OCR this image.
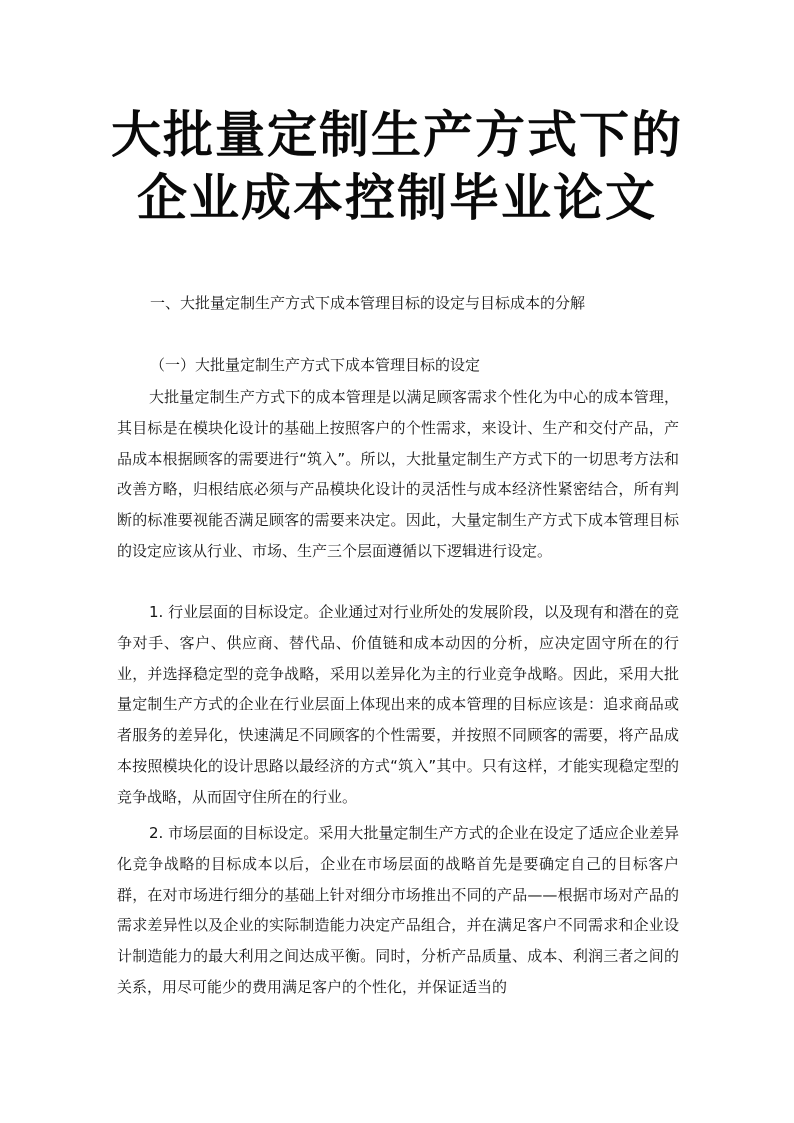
大批量定制生产方式下的
企业成本控制毕业论文
一、大批量定制生产方式下成本管理目标的设定与目标成本的分解
（一）大批量定制生产方式下成本管理目标的设定

大批量定制生产方式下的成本管理是以满足顾客需求个性化为中心的成本管理，其目标是在模块化设计的基础上按照客户的个性需求，来设计、生产和交付产品，产品成本根据顾客的需要进行“筑入”。所以，大批量定制生产方式下的一切思考方法和改善方略，归根结底必须与产品模块化设计的灵活性与成本经济性紧密结合，所有判断的标准要视能否满足顾客的需要来决定。因此，大量定制生产方式下成本管理目标的设定应该从行业、市场、生产三个层面遵循以下逻辑进行设定。

1. 行业层面的目标设定。企业通过对行业所处的发展阶段，以及现有和潜在的竞争对手、客户、供应商、替代品、价值链和成本动因的分析，应决定固守所在的行业，并选择稳定型的竞争战略，采用以差异化为主的行业竞争战略。因此，采用大批量定制生产方式的企业在行业层面上体现出来的成本管理的目标应该是：追求商品或者服务的差异化，快速满足不同顾客的个性需要，并按照不同顾客的需要，将产品成本按照模块化的设计思路以最经济的方式“筑入”其中。只有这样，才能实现稳定型的竞争战略，从而固守住所在的行业。

2. 市场层面的目标设定。采用大批量定制生产方式的企业在设定了适应企业差异化竞争战略的目标成本以后，企业在市场层面的战略首先是要确定自己的目标客户群，在对市场进行细分的基础上针对细分市场推出不同的产品——根据市场对产品的需求差异性以及企业的实际制造能力决定产品组合，并在满足客户不同需求和企业设计制造能力的最大利用之间达成平衡。同时，分析产品质量、成本、利润三者之间的关系，用尽可能少的费用满足客户的个性化，并保证适当的
